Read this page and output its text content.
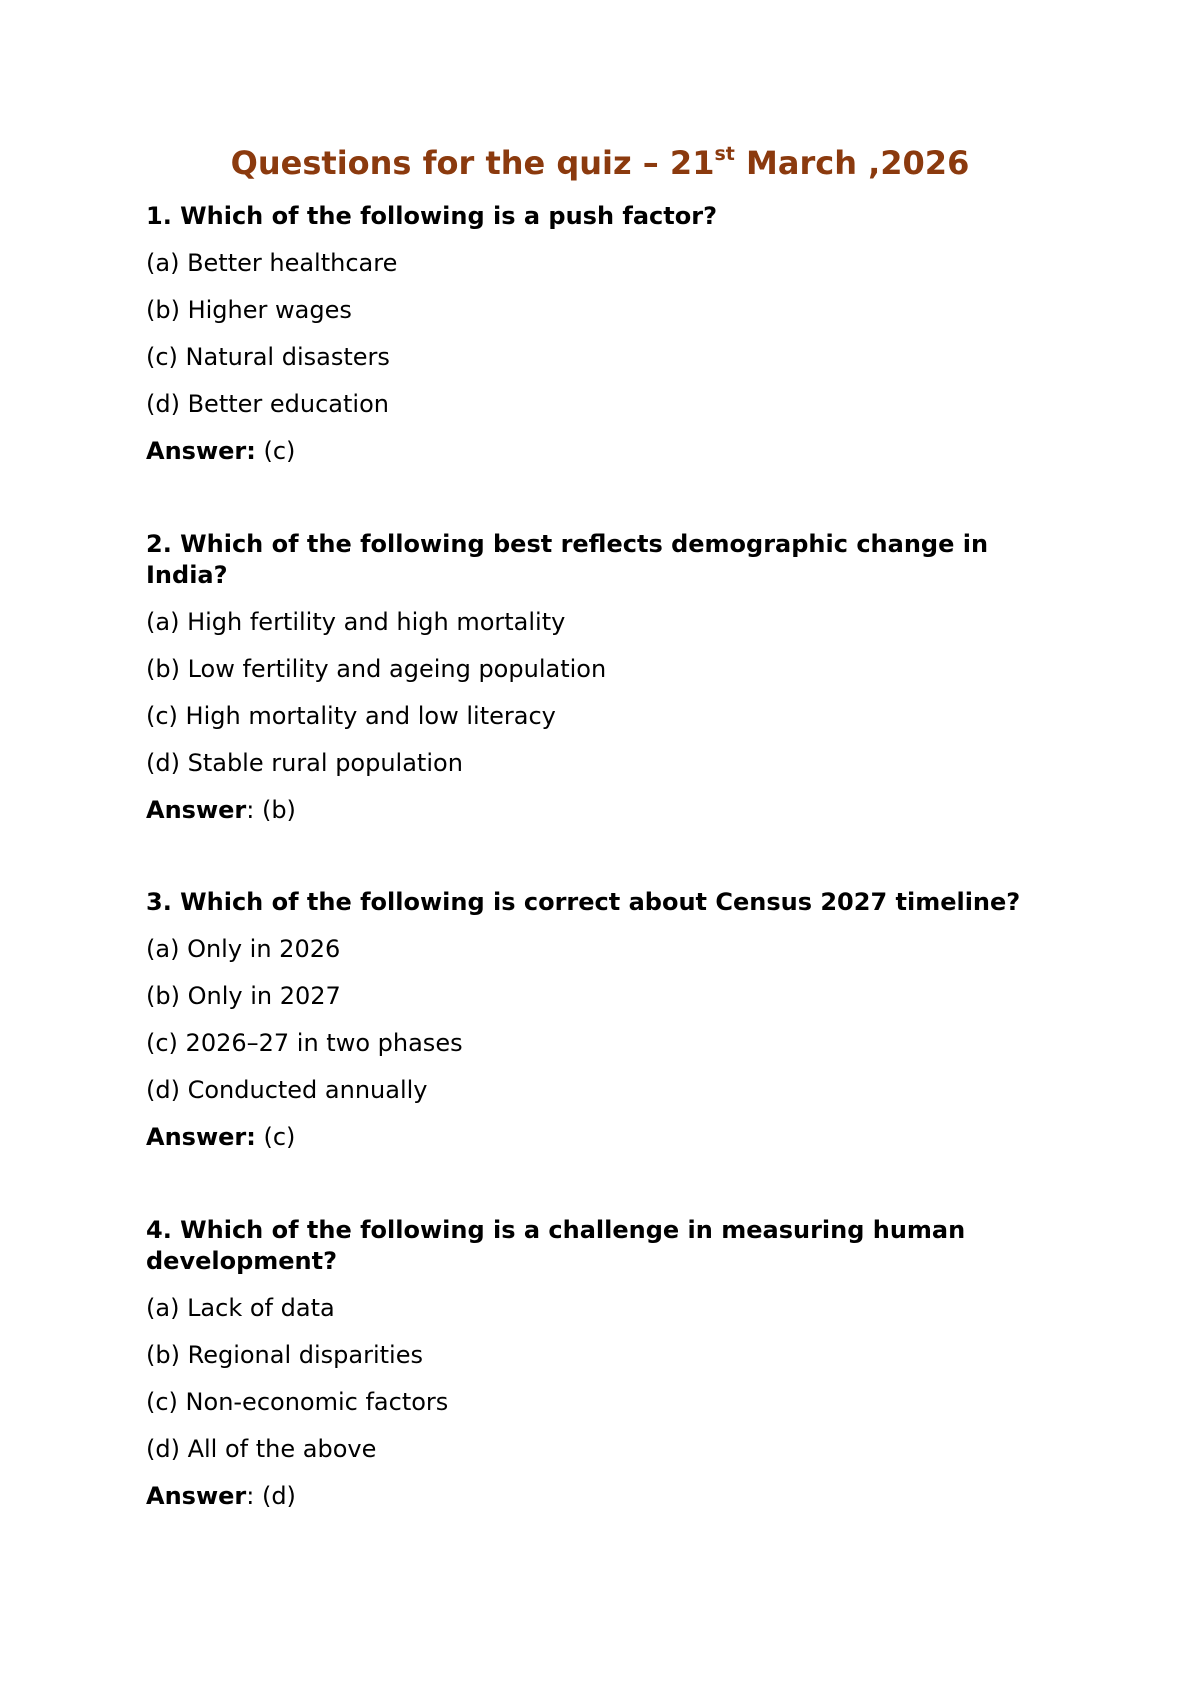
Questions for the quiz – 21st March ,2026
1. Which of the following is a push factor?
(a) Better healthcare
(b) Higher wages
(c) Natural disasters
(d) Better education
Answer: (c)
2. Which of the following best reflects demographic change in India?
(a) High fertility and high mortality
(b) Low fertility and ageing population
(c) High mortality and low literacy
(d) Stable rural population
Answer: (b)
3. Which of the following is correct about Census 2027 timeline?
(a) Only in 2026
(b) Only in 2027
(c) 2026–27 in two phases
(d) Conducted annually
Answer: (c)
4. Which of the following is a challenge in measuring human development?
(a) Lack of data
(b) Regional disparities
(c) Non-economic factors
(d) All of the above
Answer: (d)
